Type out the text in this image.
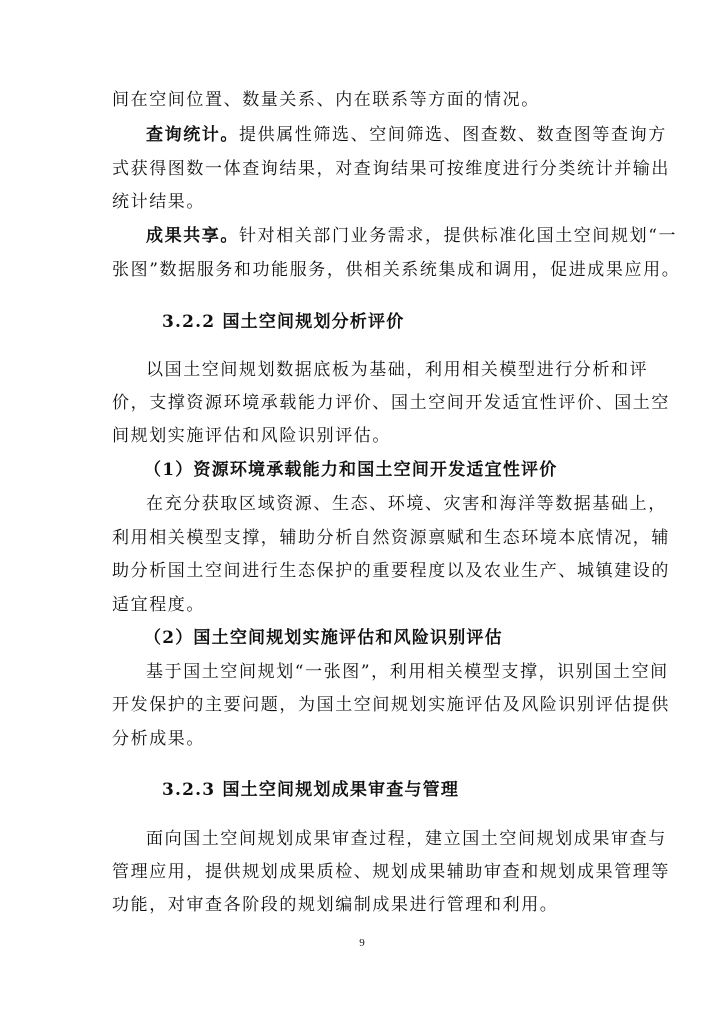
间在空间位置、数量关系、内在联系等方面的情况。
查询统计。提供属性筛选、空间筛选、图查数、数查图等查询方
式获得图数一体查询结果，对查询结果可按维度进行分类统计并输出
统计结果。
成果共享。针对相关部门业务需求，提供标准化国土空间规划“一
张图”数据服务和功能服务，供相关系统集成和调用，促进成果应用。
3.2.2 国土空间规划分析评价
以国土空间规划数据底板为基础，利用相关模型进行分析和评
价，支撑资源环境承载能力评价、国土空间开发适宜性评价、国土空
间规划实施评估和风险识别评估。
（1）资源环境承载能力和国土空间开发适宜性评价
在充分获取区域资源、生态、环境、灾害和海洋等数据基础上，
利用相关模型支撑，辅助分析自然资源禀赋和生态环境本底情况，辅
助分析国土空间进行生态保护的重要程度以及农业生产、城镇建设的
适宜程度。
（2）国土空间规划实施评估和风险识别评估
基于国土空间规划“一张图”，利用相关模型支撑，识别国土空间
开发保护的主要问题，为国土空间规划实施评估及风险识别评估提供
分析成果。
3.2.3 国土空间规划成果审查与管理
面向国土空间规划成果审查过程，建立国土空间规划成果审查与
管理应用，提供规划成果质检、规划成果辅助审查和规划成果管理等
功能，对审查各阶段的规划编制成果进行管理和利用。
9
